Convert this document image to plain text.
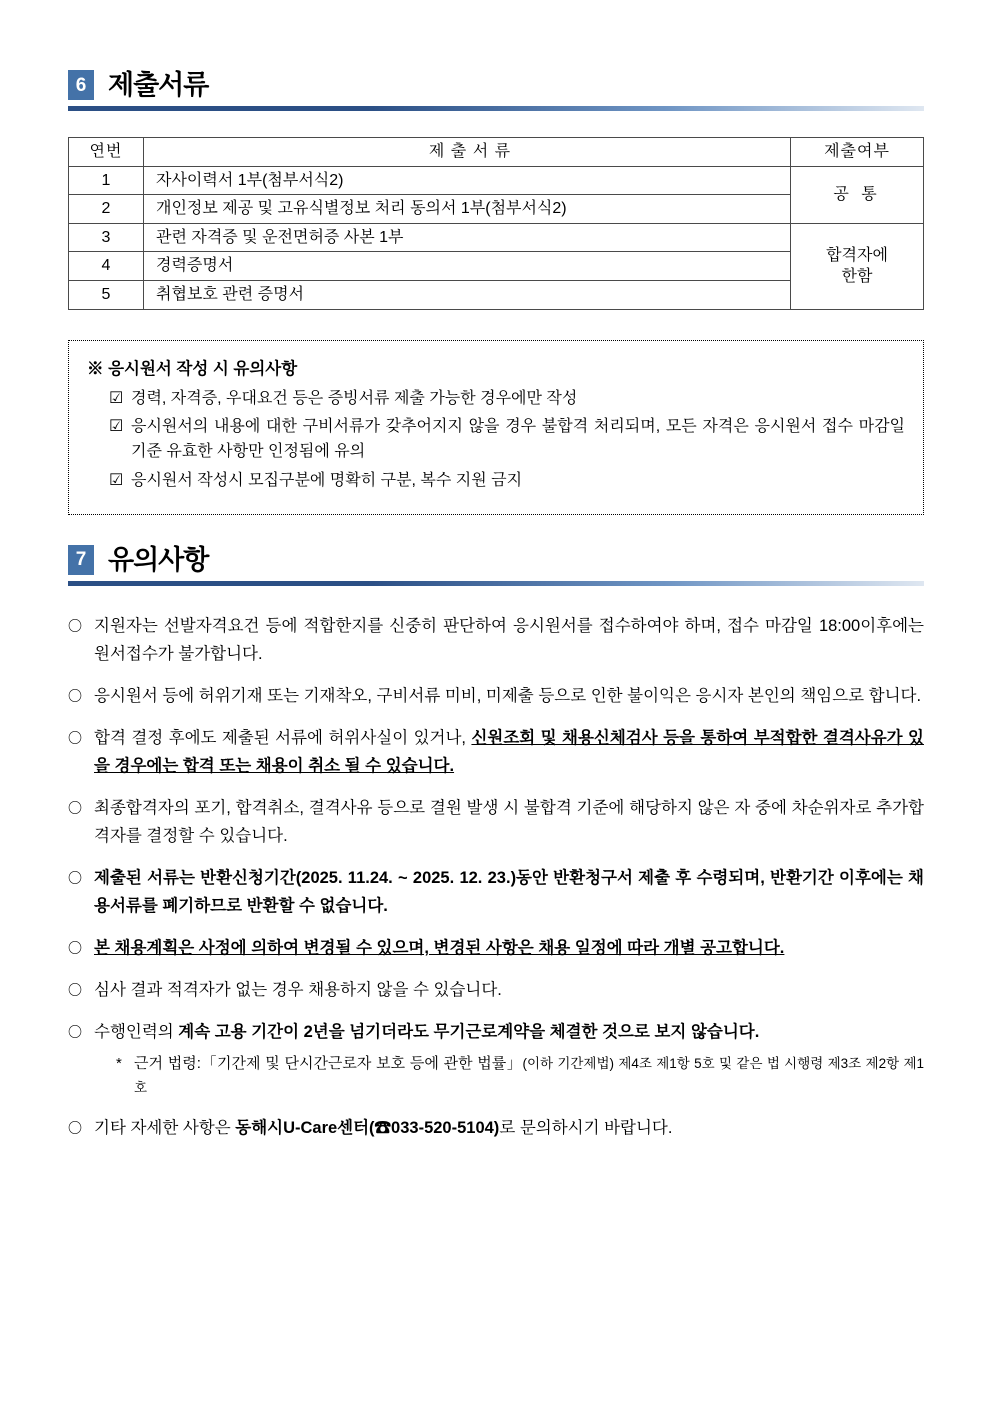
6 제출서류
연번	제 출 서 류	제출여부
1	자사이력서 1부(첨부서식2)	공 통
2	개인정보 제공 및 고유식별정보 처리 동의서 1부(첨부서식2)	
3	관련 자격증 및 운전면허증 사본 1부	합격자에
한함

4	경력증명서	
5	취협보호 관련 증명서	
※ 응시원서 작성 시 유의사항
☑ 경력, 자격증, 우대요건 등은 증빙서류 제출 가능한 경우에만 작성
☑ 응시원서의 내용에 대한 구비서류가 갖추어지지 않을 경우 불합격 처리되며, 모든 자격은 응시원서 접수 마감일 기준 유효한 사항만 인정됨에 유의
☑ 응시원서 작성시 모집구분에 명확히 구분, 복수 지원 금지
7 유의사항
〇 지원자는 선발자격요건 등에 적합한지를 신중히 판단하여 응시원서를 접수하여야 하며, 접수 마감일 18:00이후에는 원서접수가 불가합니다.
〇 응시원서 등에 허위기재 또는 기재착오, 구비서류 미비, 미제출 등으로 인한 불이익은 응시자 본인의 책임으로 합니다.
〇 합격 결정 후에도 제출된 서류에 허위사실이 있거나, 신원조회 및 채용신체검사 등을 통하여 부적합한 결격사유가 있을 경우에는 합격 또는 채용이 취소 될 수 있습니다.
〇 최종합격자의 포기, 합격취소, 결격사유 등으로 결원 발생 시 불합격 기준에 해당하지 않은 자 중에 차순위자로 추가합격자를 결정할 수 있습니다.
〇 제출된 서류는 반환신청기간(2025. 11.24. ~ 2025. 12. 23.)동안 반환청구서 제출 후 수령되며, 반환기간 이후에는 채용서류를 폐기하므로 반환할 수 없습니다.
〇 본 채용계획은 사정에 의하여 변경될 수 있으며, 변경된 사항은 채용 일정에 따라 개별 공고합니다.
〇 심사 결과 적격자가 없는 경우 채용하지 않을 수 있습니다.
〇 수행인력의 계속 고용 기간이 2년을 넘기더라도 무기근로계약을 체결한 것으로 보지 않습니다.
* 근거 법령:「기간제 및 단시간근로자 보호 등에 관한 법률」(이하 기간제법) 제4조 제1항 5호 및 같은 법 시행령 제3조 제2항 제1호
〇 기타 자세한 사항은 동해시U-Care센터(☎033-520-5104)로 문의하시기 바랍니다.
